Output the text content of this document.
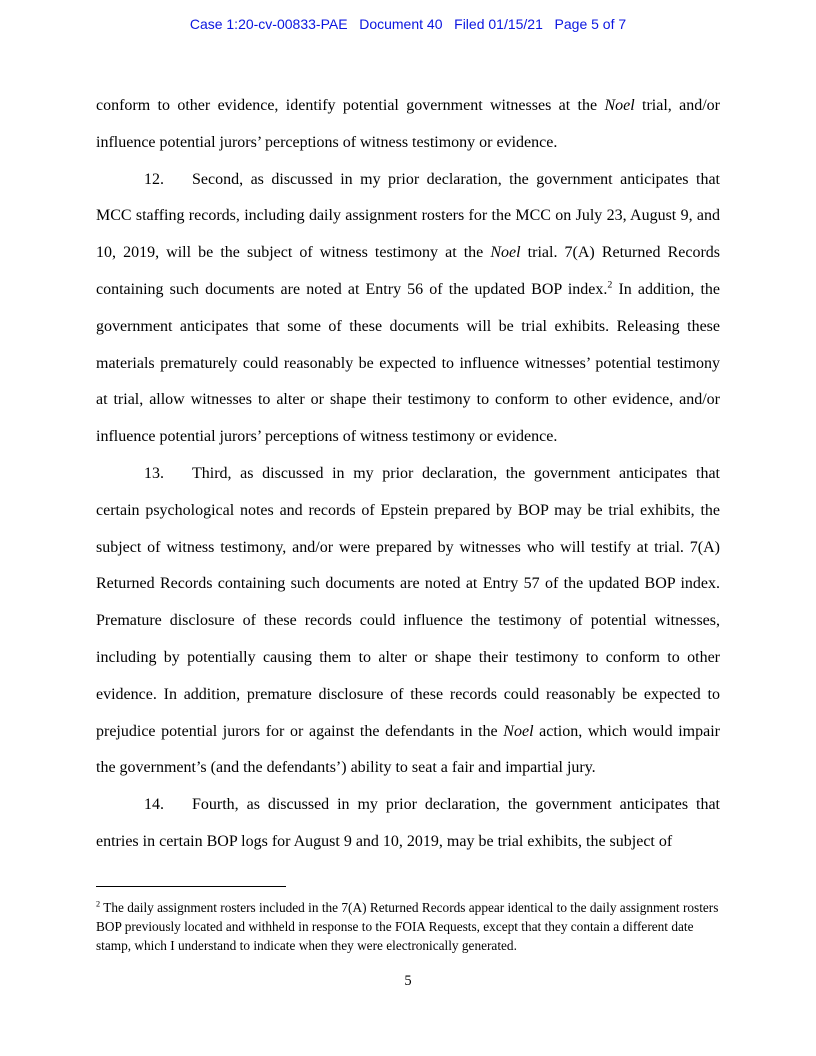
Case 1:20-cv-00833-PAE   Document 40   Filed 01/15/21   Page 5 of 7

conform to other evidence, identify potential government witnesses at the Noel trial, and/or influence potential jurors’ perceptions of witness testimony or evidence.

12. Second, as discussed in my prior declaration, the government anticipates that MCC staffing records, including daily assignment rosters for the MCC on July 23, August 9, and 10, 2019, will be the subject of witness testimony at the Noel trial. 7(A) Returned Records containing such documents are noted at Entry 56 of the updated BOP index.$^2$ In addition, the government anticipates that some of these documents will be trial exhibits. Releasing these materials prematurely could reasonably be expected to influence witnesses’ potential testimony at trial, allow witnesses to alter or shape their testimony to conform to other evidence, and/or influence potential jurors’ perceptions of witness testimony or evidence.

13. Third, as discussed in my prior declaration, the government anticipates that certain psychological notes and records of Epstein prepared by BOP may be trial exhibits, the subject of witness testimony, and/or were prepared by witnesses who will testify at trial. 7(A) Returned Records containing such documents are noted at Entry 57 of the updated BOP index. Premature disclosure of these records could influence the testimony of potential witnesses, including by potentially causing them to alter or shape their testimony to conform to other evidence. In addition, premature disclosure of these records could reasonably be expected to prejudice potential jurors for or against the defendants in the Noel action, which would impair the government’s (and the defendants’) ability to seat a fair and impartial jury.

14. Fourth, as discussed in my prior declaration, the government anticipates that entries in certain BOP logs for August 9 and 10, 2019, may be trial exhibits, the subject of

$^2$ The daily assignment rosters included in the 7(A) Returned Records appear identical to the daily assignment rosters BOP previously located and withheld in response to the FOIA Requests, except that they contain a different date stamp, which I understand to indicate when they were electronically generated.
5
